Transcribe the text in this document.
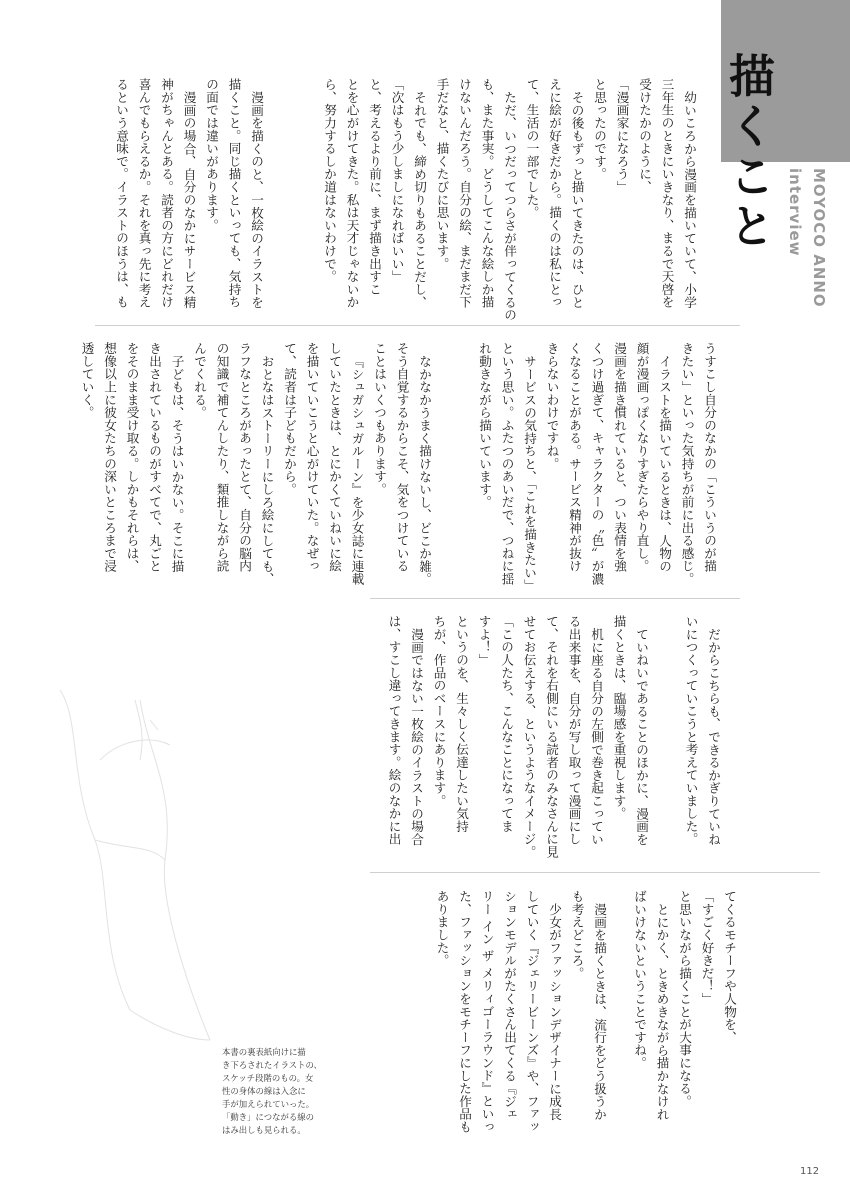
描くこと MOYOCO ANNO interview
幼いころから漫画を描いていて、小学
三年生のときにいきなり、まるで天啓を
受けたかのように、
「漫画家になろう」
と思ったのです。
その後もずっと描いてきたのは、ひと
えに絵が好きだから。描くのは私にとっ
て、生活の一部でした。
ただ、いつだってつらさが伴ってくるの
も、また事実。どうしてこんな絵しか描
けないんだろう。自分の絵、まだまだ下
手だなと、描くたびに思います。
それでも、締め切りもあることだし、
「次はもう少しましになればいい」
と、考えるより前に、まず描き出すこ
とを心がけてきた。私は天才じゃないか
ら、努力するしか道はないわけで。
漫画を描くのと、一枚絵のイラストを
描くこと。同じ描くといっても、気持ち
の面では違いがあります。
漫画の場合、自分のなかにサービス精
神がちゃんとある。読者の方にどれだけ
喜んでもらえるか。それを真っ先に考え
るという意味で。イラストのほうは、も
うすこし自分のなかの「こういうのが描
きたい」といった気持ちが前に出る感じ。
イラストを描いているときは、人物の
顔が漫画っぽくなりすぎたらやり直し。
漫画を描き慣れていると、つい表情を強
くつけ過ぎて、キャラクターの〝色〟が濃
くなることがある。サービス精神が抜け
きらないわけですね。
サービスの気持ちと、「これを描きたい」
という思い。ふたつのあいだで、つねに揺
れ動きながら描いています。
なかなかうまく描けないし、どこか雑。
そう自覚するからこそ、気をつけている
ことはいくつもあります。
『シュガシュガルーン』を少女誌に連載
していたときは、とにかくていねいに絵
を描いていこうと心がけていた。なぜっ
て、読者は子どもだから。
おとなはストーリーにしろ絵にしても、
ラフなところがあったとて、自分の脳内
の知識で補てんしたり、類推しながら読
んでくれる。
子どもは、そうはいかない。そこに描
き出されているものがすべてで、丸ごと
をそのまま受け取る。しかもそれらは、
想像以上に彼女たちの深いところまで浸
透していく。
だからこちらも、できるかぎりていね
いにつくっていこうと考えていました。
ていねいであることのほかに、漫画を
描くときは、臨場感を重視します。
机に座る自分の左側で巻き起こってい
る出来事を、自分が写し取って漫画にし
て、それを右側にいる読者のみなさんに見
せてお伝えする、というようなイメージ。
「この人たち、こんなことになってま
すよ！」
というのを、生々しく伝達したい気持
ちが、作品のベースにあります。
漫画ではない一枚絵のイラストの場合
は、すこし違ってきます。絵のなかに出
てくるモチーフや人物を、
「すごく好きだ！」
と思いながら描くことが大事になる。
とにかく、ときめきながら描かなけれ
ばいけないということですね。
漫画を描くときは、流行をどう扱うか
も考えどころ。
少女がファッションデザイナーに成長
していく『ジェリービーンズ』や、ファッ
ションモデルがたくさん出てくる『ジェ
リー イン ザ メリィゴーラウンド』といっ
た、ファッションをモチーフにした作品も
ありました。
本書の裏表紙向けに描
き下ろされたイラストの、
スケッチ段階のもの。女
性の身体の線は入念に
手が加えられていった。
「動き」につながる線の
はみ出しも見られる。
112
